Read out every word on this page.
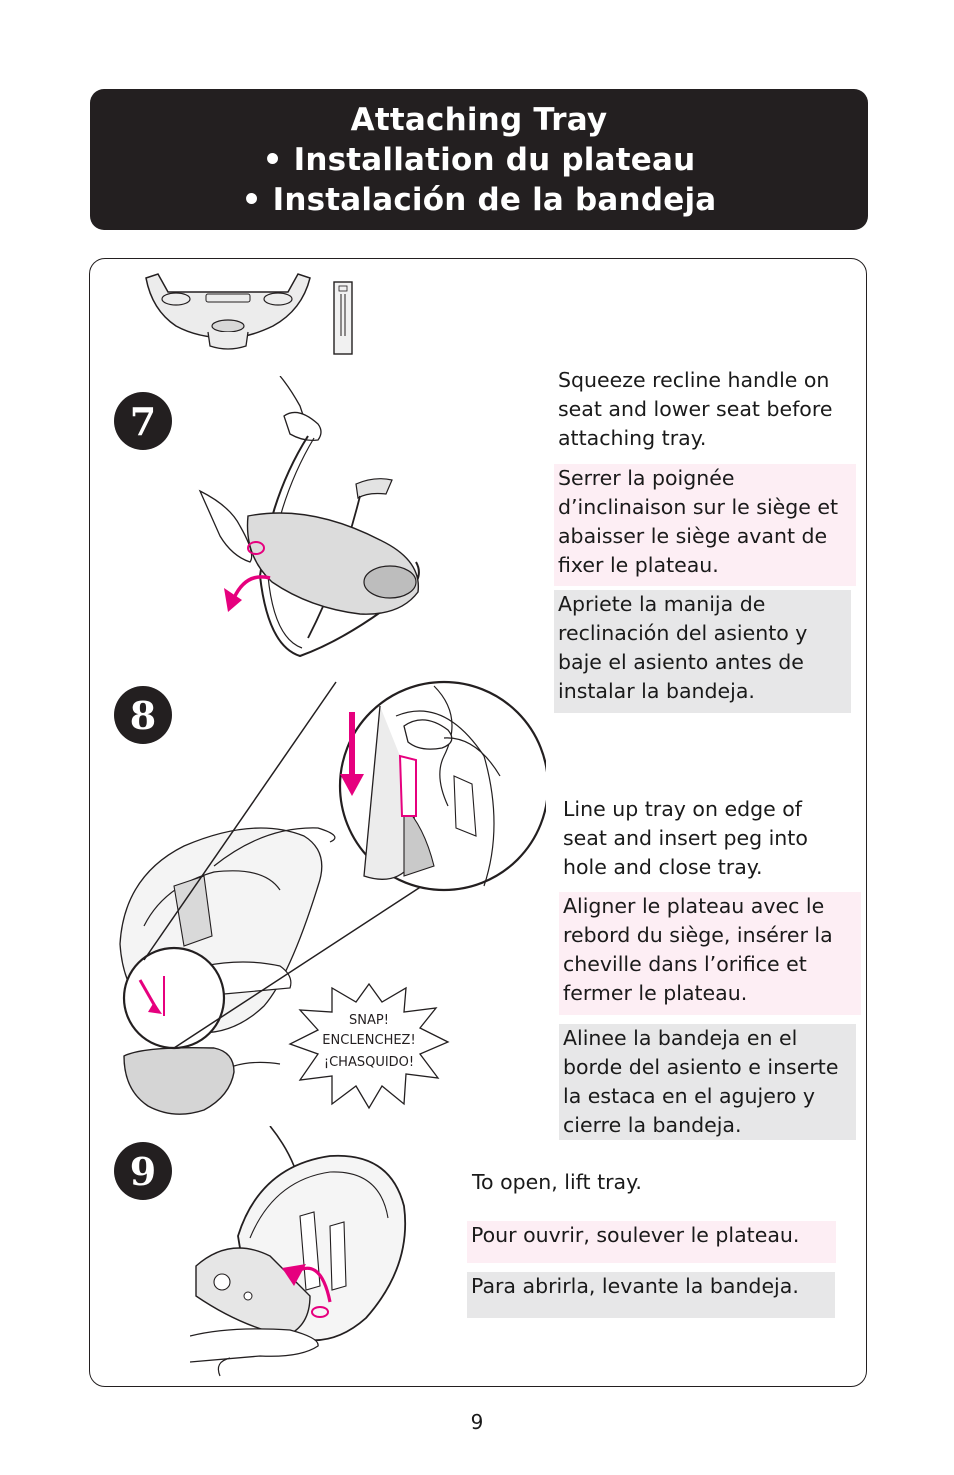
Attaching Tray
• Installation du plateau
• Instalación de la bandeja
7
Squeeze recline handle on seat and lower seat before attaching tray.
Serrer la poignée d’inclinaison sur le siège et abaisser le siège avant de fixer le plateau.
Apriete la manija de reclinación del asiento y baje el asiento antes de instalar la bandeja.
8
SNAP!
ENCLENCHEZ!
¡CHASQUIDO!
Line up tray on edge of seat and insert peg into hole and close tray.
Aligner le plateau avec le rebord du siège, insérer la cheville dans l’orifice et fermer le plateau.
Alinee la bandeja en el borde del asiento e inserte la estaca en el agujero y cierre la bandeja.
9	To open, lift tray.
Pour ouvrir, soulever le plateau.
Para abrirla, levante la bandeja.
9
